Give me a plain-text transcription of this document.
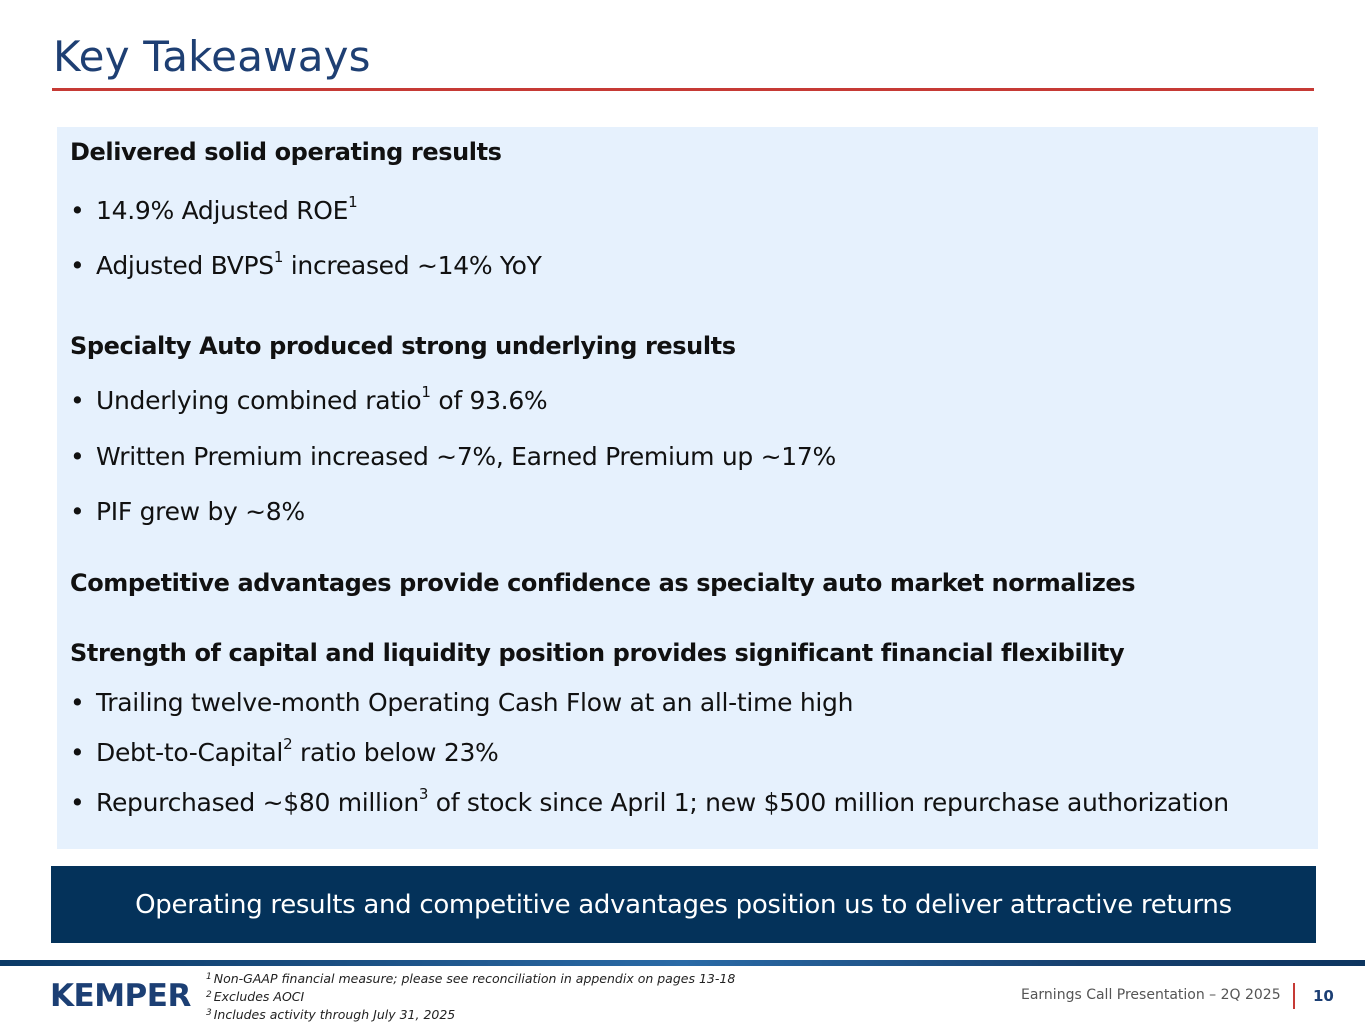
Key Takeaways
Delivered solid operating results
• 14.9% Adjusted ROE$^1$
• Adjusted BVPS$^1$ increased ~14% YoY
Specialty Auto produced strong underlying results
• Underlying combined ratio$^1$ of 93.6%
• Written Premium increased ~7%, Earned Premium up ~17%
• PIF grew by ~8%
Competitive advantages provide confidence as specialty auto market normalizes
Strength of capital and liquidity position provides significant financial flexibility
• Trailing twelve-month Operating Cash Flow at an all-time high
• Debt-to-Capital$^2$ ratio below 23%
• Repurchased ~$80 million$^3$ of stock since April 1; new $500 million repurchase authorization
Operating results and competitive advantages position us to deliver attractive returns
KEMPER
$^1$ Non-GAAP financial measure; please see reconciliation in appendix on pages 13-18
$^2$ Excludes AOCI
$^3$ Includes activity through July 31, 2025
Earnings Call Presentation – 2Q 2025 10
